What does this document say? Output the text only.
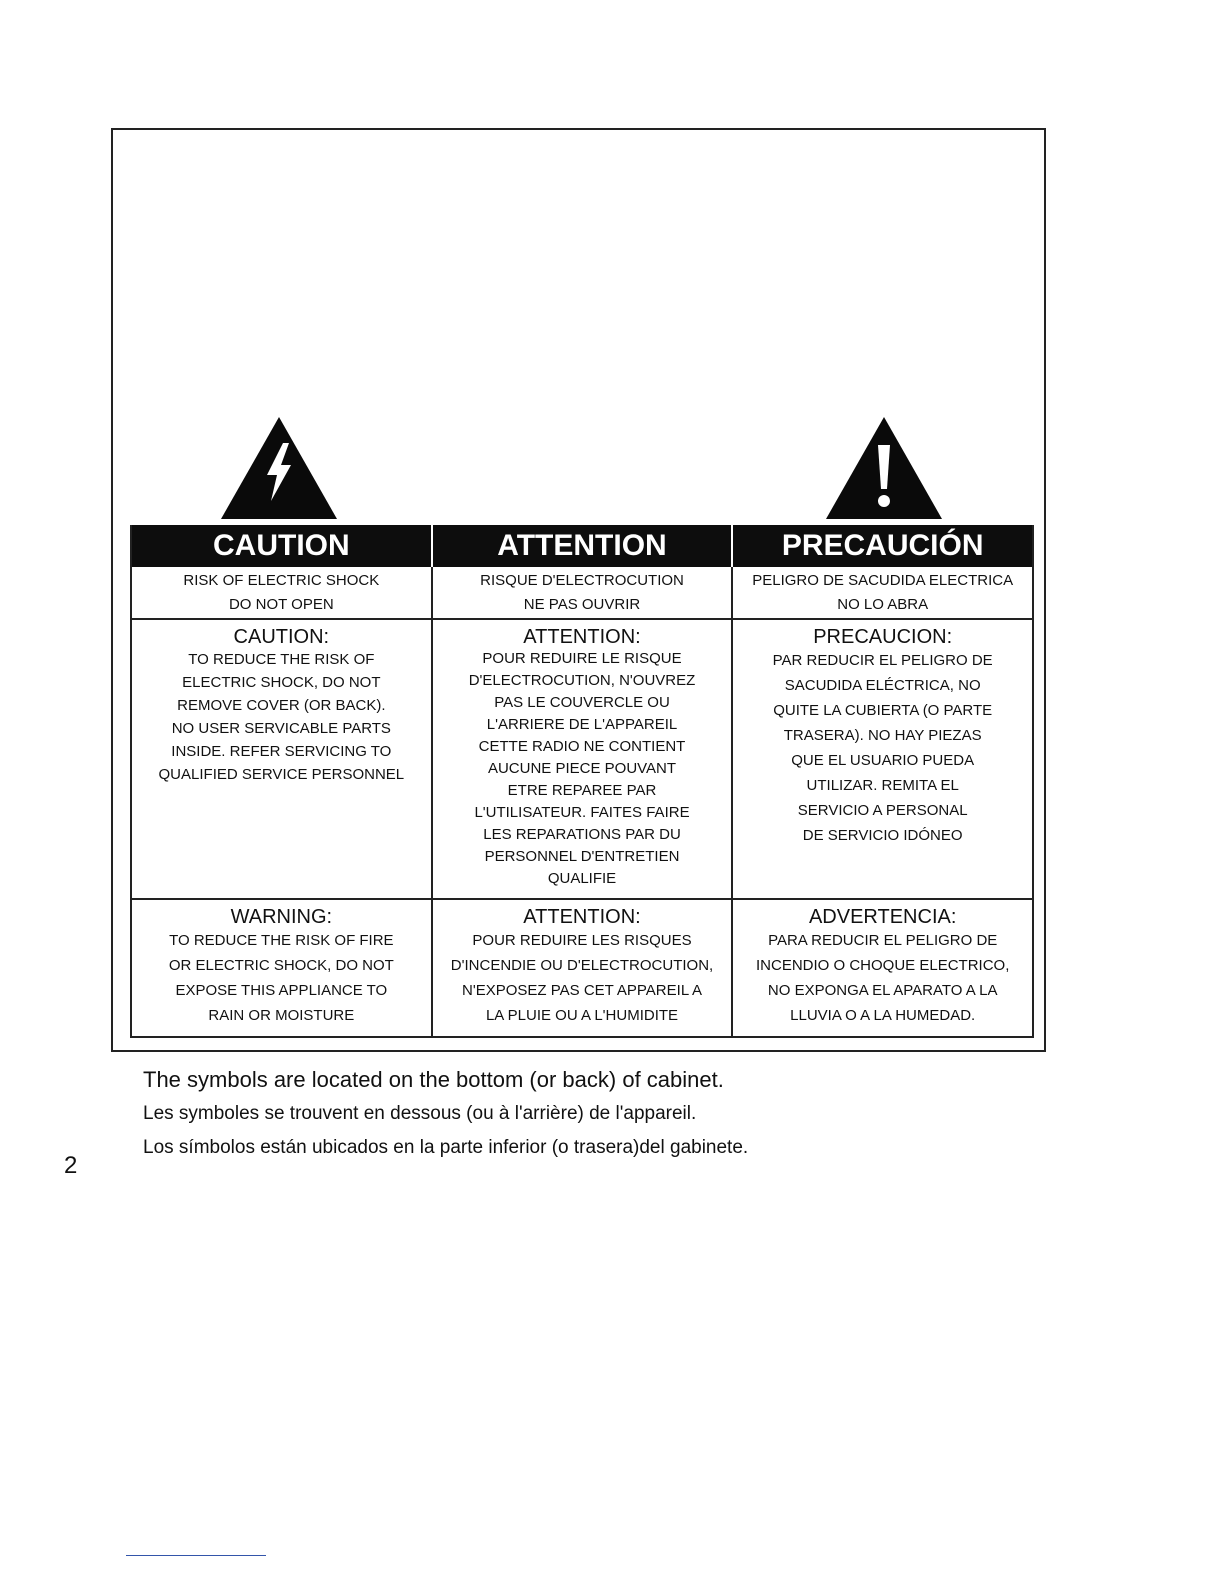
CAUTION	ATTENTION	PRECAUCIÓN
RISK OF ELECTRIC SHOCK
DO NOT OPEN
RISQUE D'ELECTROCUTION
NE PAS OUVRIR
PELIGRO DE SACUDIDA ELECTRICA
NO LO ABRA
CAUTION:
TO REDUCE THE RISK OF
ELECTRIC SHOCK, DO NOT
REMOVE COVER (OR BACK).
NO USER SERVICABLE PARTS
INSIDE. REFER SERVICING TO
QUALIFIED SERVICE PERSONNEL
ATTENTION:
POUR REDUIRE LE RISQUE
D'ELECTROCUTION, N'OUVREZ
PAS LE COUVERCLE OU
L'ARRIERE DE L'APPAREIL
CETTE RADIO NE CONTIENT
AUCUNE PIECE POUVANT
ETRE REPAREE PAR
L'UTILISATEUR. FAITES FAIRE
LES REPARATIONS PAR DU
PERSONNEL D'ENTRETIEN
QUALIFIE
PRECAUCION:
PAR REDUCIR EL PELIGRO DE
SACUDIDA ELÉCTRICA, NO
QUITE LA CUBIERTA (O PARTE
TRASERA). NO HAY PIEZAS
QUE EL USUARIO PUEDA
UTILIZAR. REMITA EL
SERVICIO A PERSONAL
DE SERVICIO IDÓNEO
WARNING:
TO REDUCE THE RISK OF FIRE
OR ELECTRIC SHOCK, DO NOT
EXPOSE THIS APPLIANCE TO
RAIN OR MOISTURE
ATTENTION:
POUR REDUIRE LES RISQUES
D'INCENDIE OU D'ELECTROCUTION,
N'EXPOSEZ PAS CET APPAREIL A
LA PLUIE OU A L'HUMIDITE
ADVERTENCIA:
PARA REDUCIR EL PELIGRO DE
INCENDIO O CHOQUE ELECTRICO,
NO EXPONGA EL APARATO A LA
LLUVIA O A LA HUMEDAD.
The symbols are located on the bottom (or back) of cabinet.
Les symboles se trouvent en dessous (ou à l'arrière) de l'appareil.
Los símbolos están ubicados en la parte inferior (o trasera)del gabinete.
2
